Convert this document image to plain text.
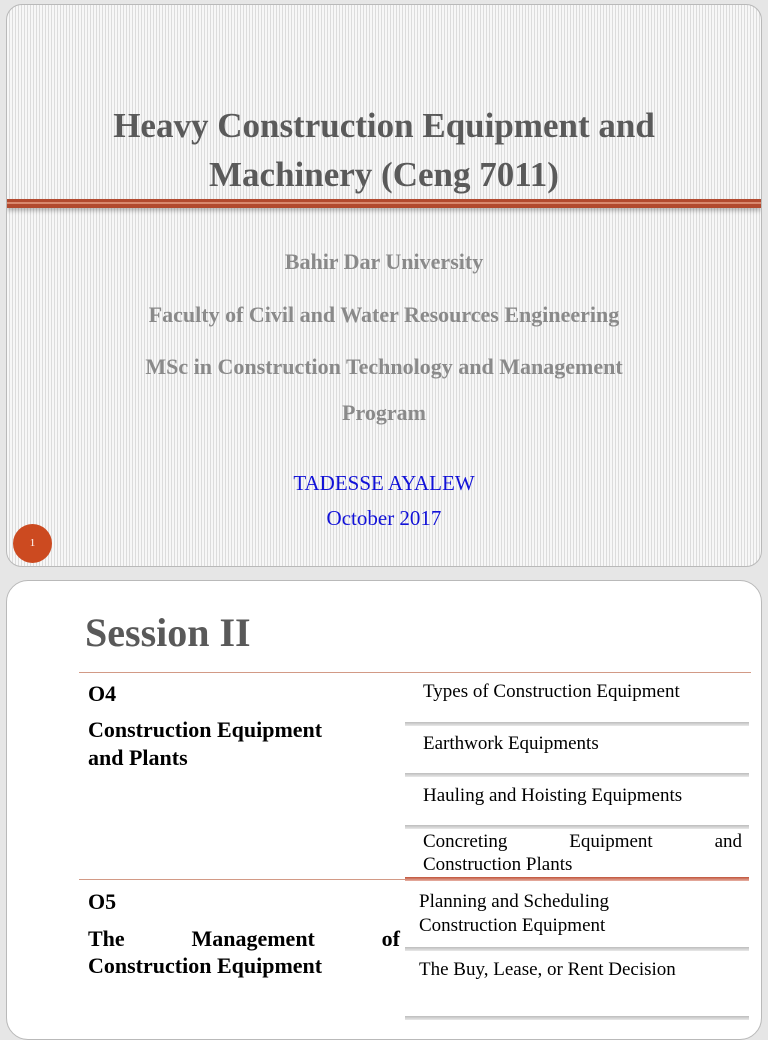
Heavy Construction Equipment and
Machinery (Ceng 7011)
Bahir Dar University
Faculty of Civil and Water Resources Engineering
MSc in Construction Technology and Management
Program
TADESSE AYALEW
October 2017
1
Session II
O4
Construction Equipment
and Plants
Types of Construction Equipment
Earthwork Equipments
Hauling and Hoisting Equipments
Concreting Equipment and
Construction Plants
O5
The	Management	of
Construction Equipment
Planning and Scheduling
Construction Equipment
The Buy, Lease, or Rent Decision
